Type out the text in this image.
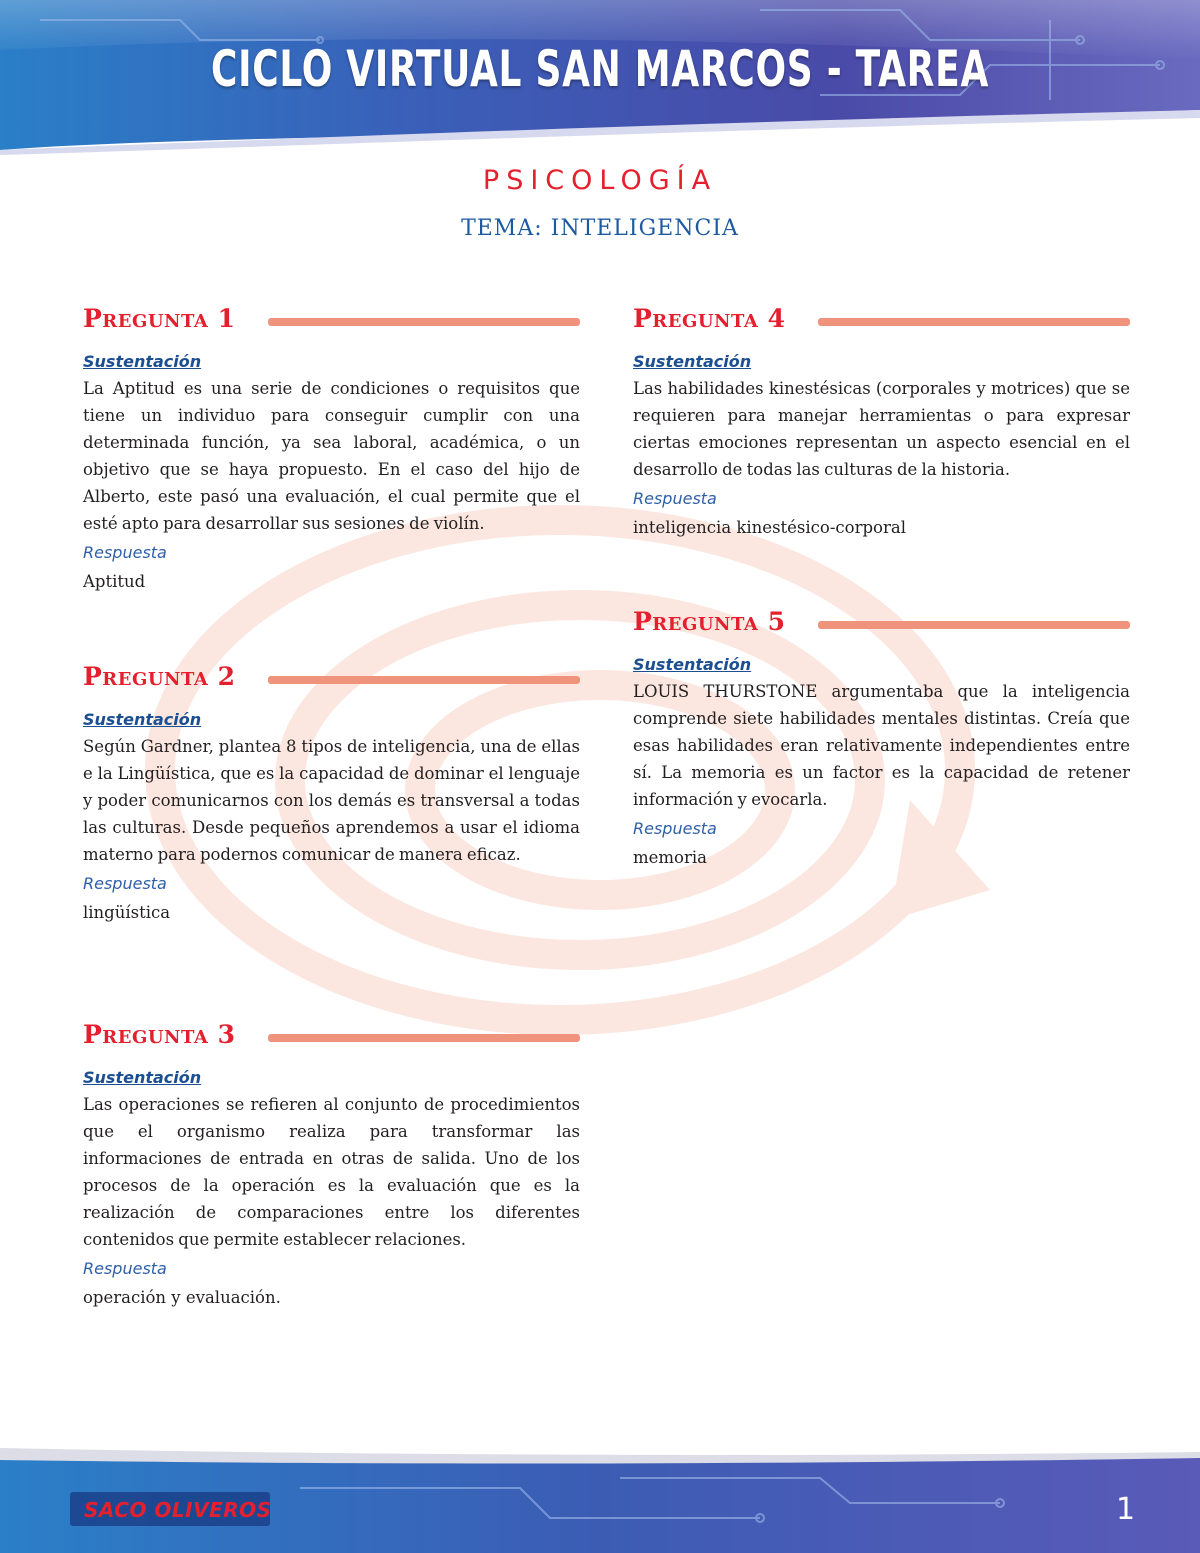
CICLO VIRTUAL SAN MARCOS - TAREA
PSICOLOGÍA
TEMA: INTELIGENCIA
Pregunta 1
Sustentación
La Aptitud es una serie de condiciones o requisitos que tiene un individuo para conseguir cumplir con una determinada función, ya sea laboral, académica, o un objetivo que se haya propuesto. En el caso del hijo de Alberto, este pasó una evaluación, el cual permite que el esté apto para desarrollar sus sesiones de violín.
Respuesta
Aptitud
Pregunta 2
Sustentación
Según Gardner, plantea 8 tipos de inteligencia, una de ellas e la Lingüística, que es la capacidad de dominar el lenguaje y poder comunicarnos con los demás es transversal a todas las culturas. Desde pequeños aprendemos a usar el idioma materno para podernos comunicar de manera eficaz.
Respuesta
lingüística
Pregunta 3
Sustentación
Las operaciones se refieren al conjunto de procedimientos que el organismo realiza para transformar las informaciones de entrada en otras de salida. Uno de los procesos de la operación es la evaluación que es la realización de comparaciones entre los diferentes contenidos que permite establecer relaciones.
Respuesta
operación y evaluación.
Pregunta 4
Sustentación
Las habilidades kinestésicas (corporales y motrices) que se requieren para manejar herramientas o para expresar ciertas emociones representan un aspecto esencial en el desarrollo de todas las culturas de la historia.
Respuesta
inteligencia kinestésico-corporal
Pregunta 5
Sustentación
LOUIS THURSTONE argumentaba que la inteligencia comprende siete habilidades mentales distintas. Creía que esas habilidades eran relativamente independientes entre sí. La memoria es un factor es la capacidad de retener información y evocarla.
Respuesta
memoria
SACO OLIVEROS	1
